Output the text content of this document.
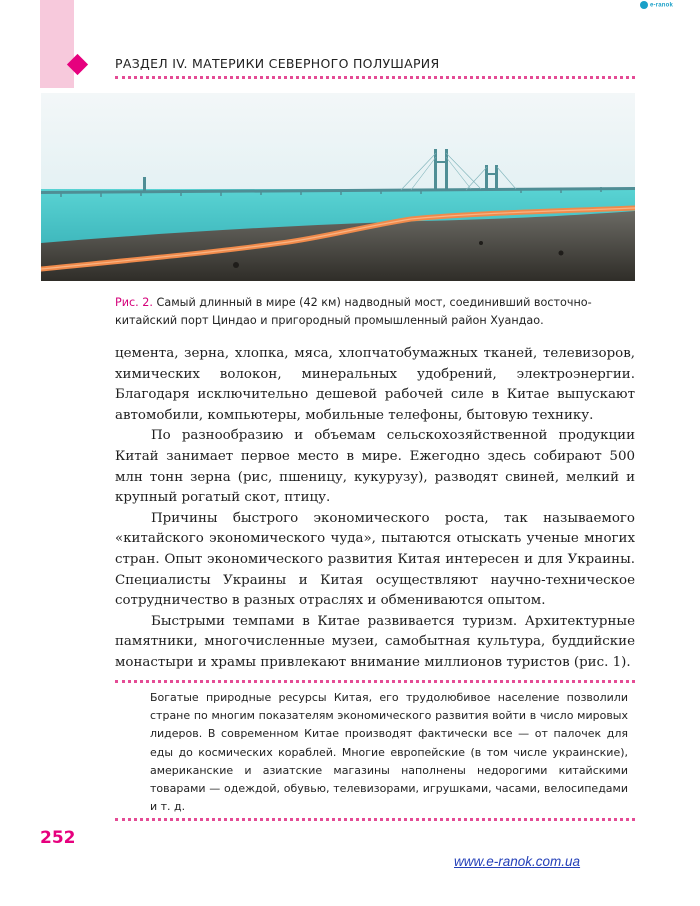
e-ranok
РАЗДЕЛ IV. МАТЕРИКИ СЕВЕРНОГО ПОЛУШАРИЯ
Рис. 2. Самый длинный в мире (42 км) надводный мост, соединивший восточно-китайский порт Циндао и пригородный промышленный район Хуандао.

цемента, зерна, хлопка, мяса, хлопчатобумажных тканей, телевизоров, химических волокон, минеральных удобрений, электроэнергии. Благодаря исключительно дешевой рабочей силе в Китае выпускают автомобили, компьютеры, мобильные телефоны, бытовую технику.

По разнообразию и объемам сельскохозяйственной продукции Китай занимает первое место в мире. Ежегодно здесь собирают 500 млн тонн зерна (рис, пшеницу, кукурузу), разводят свиней, мелкий и крупный рогатый скот, птицу.

Причины быстрого экономического роста, так называемого «китайского экономического чуда», пытаются отыскать ученые многих стран. Опыт экономического развития Китая интересен и для Украины. Специалисты Украины и Китая осуществляют научно-техническое сотрудничество в разных отраслях и обмениваются опытом.

Быстрыми темпами в Китае развивается туризм. Архитектурные памятники, многочисленные музеи, самобытная культура, буддийские монастыри и храмы привлекают внимание миллионов туристов (рис. 1).

Богатые природные ресурсы Китая, его трудолюбивое население позволили стране по многим показателям экономического развития войти в число мировых лидеров. В современном Китае производят фактически все — от палочек для еды до космических кораблей. Многие европейские (в том числе украинские), американские и азиатские магазины наполнены недорогими китайскими товарами — одеждой, обувью, телевизорами, игрушками, часами, велосипедами и т. д.
252
www.e-ranok.com.ua
